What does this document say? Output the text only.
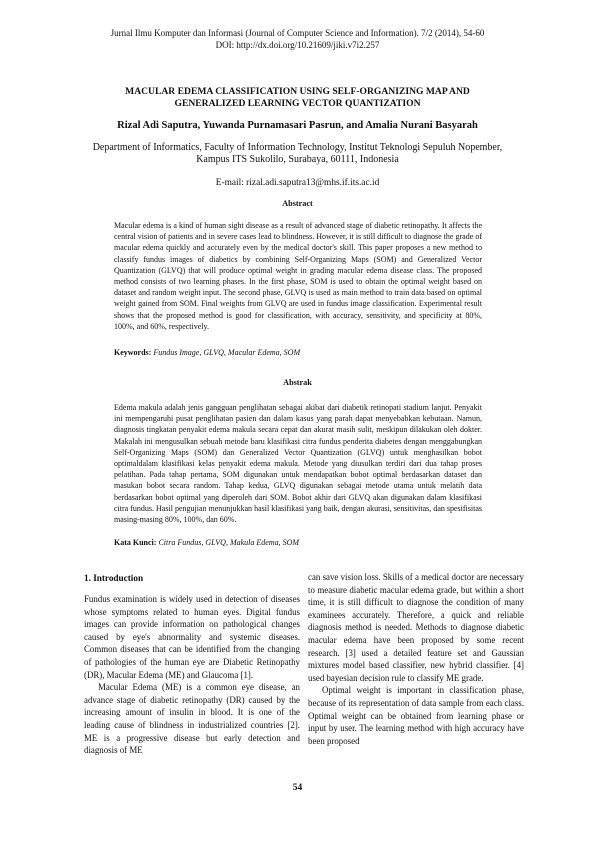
Jurnal Ilmu Komputer dan Informasi (Journal of Computer Science and Information). 7/2 (2014), 54-60
DOI: http://dx.doi.org/10.21609/jiki.v7i2.257
MACULAR EDEMA CLASSIFICATION USING SELF-ORGANIZING MAP AND
GENERALIZED LEARNING VECTOR QUANTIZATION
Rizal Adi Saputra, Yuwanda Purnamasari Pasrun, and Amalia Nurani Basyarah
Department of Informatics, Faculty of Information Technology, Institut Teknologi Sepuluh Nopember,
Kampus ITS Sukolilo, Surabaya, 60111, Indonesia
E-mail: rizal.adi.saputra13@mhs.if.its.ac.id
Abstract
Macular edema is a kind of human sight disease as a result of advanced stage of diabetic retinopathy. It affects the central vision of patients and in severe cases lead to blindness. However, it is still difficult to diagnose the grade of macular edema quickly and accurately even by the medical doctor's skill. This paper proposes a new method to classify fundus images of diabetics by combining Self-Organizing Maps (SOM) and Generalized Vector Quantization (GLVQ) that will produce optimal weight in grading macular edema disease class. The proposed method consists of two learning phases. In the first phase, SOM is used to obtain the optimal weight based on dataset and random weight input. The second phase, GLVQ is used as main method to train data based on optimal weight gained from SOM. Final weights from GLVQ are used in fundus image classification. Experimental result shows that the proposed method is good for classification, with accuracy, sensitivity, and specificity at 80%, 100%, and 60%, respectively.
Keywords: Fundus Image, GLVQ, Macular Edema, SOM
Abstrak
Edema makula adalah jenis gangguan penglihatan sebagai akibat dari diabetik retinopati stadium lanjut. Penyakit ini mempengaruhi pusat penglihatan pasien dan dalam kasus yang parah dapat menyebabkan kebutaan. Namun, diagnosis tingkatan penyakit edema makula secara cepat dan akurat masih sulit, meskipun dilakukan oleh dokter. Makalah ini mengusulkan sebuah metode baru klasifikasi citra fundus penderita diabetes dengan menggabungkan Self-Organizing Maps (SOM) dan Generalized Vector Quantization (GLVQ) untuk menghasilkan bobot optimaldalam klasifikasi kelas penyakit edema makula. Metode yang diusulkan terdiri dari dua tahap proses pelatihan. Pada tahap pertama, SOM digunakan untuk mendapatkan bobot optimal berdasarkan dataset dan masukan bobot secara random. Tahap kedua, GLVQ digunakan sebagai metode utama untuk melatih data berdasarkan bobot optimal yang diperoleh dari SOM. Bobot akhir dari GLVQ akan digunakan dalam klasifikasi citra fundus. Hasil pengujian menunjukkan hasil klasifikasi yang baik, dengan akurasi, sensitivitas, dan spesifisitas masing-masing 80%, 100%, dan 60%.
Kata Kunci: Citra Fundus, GLVQ, Makula Edema, SOM
1. Introduction

Fundus examination is widely used in detection of diseases whose symptoms related to human eyes. Digital fundus images can provide information on pathological changes caused by eye's abnormality and systemic diseases. Common diseases that can be identified from the changing of pathologies of the human eye are Diabetic Retinopathy (DR), Macular Edema (ME) and Glaucoma [1].

Macular Edema (ME) is a common eye disease, an advance stage of diabetic retinopathy (DR) caused by the increasing amount of insulin in blood. It is one of the leading cause of blindness in industrialized countries [2]. ME is a progressive disease but early detection and diagnosis of ME

can save vision loss. Skills of a medical doctor are necessary to measure diabetic macular edema grade, but within a short time, it is still difficult to diagnose the condition of many examinees accurately. Therefore, a quick and reliable diagnosis method is needed. Methods to diagnose diabetic macular edema have been proposed by some recent research. [3] used a detailed feature set and Gaussian mixtures model based classifier, new hybrid classifier. [4] used bayesian decision rule to classify ME grade.

Optimal weight is important in classification phase, because of its representation of data sample from each class. Optimal weight can be obtained from learning phase or input by user. The learning method with high accuracy have been proposed

54
